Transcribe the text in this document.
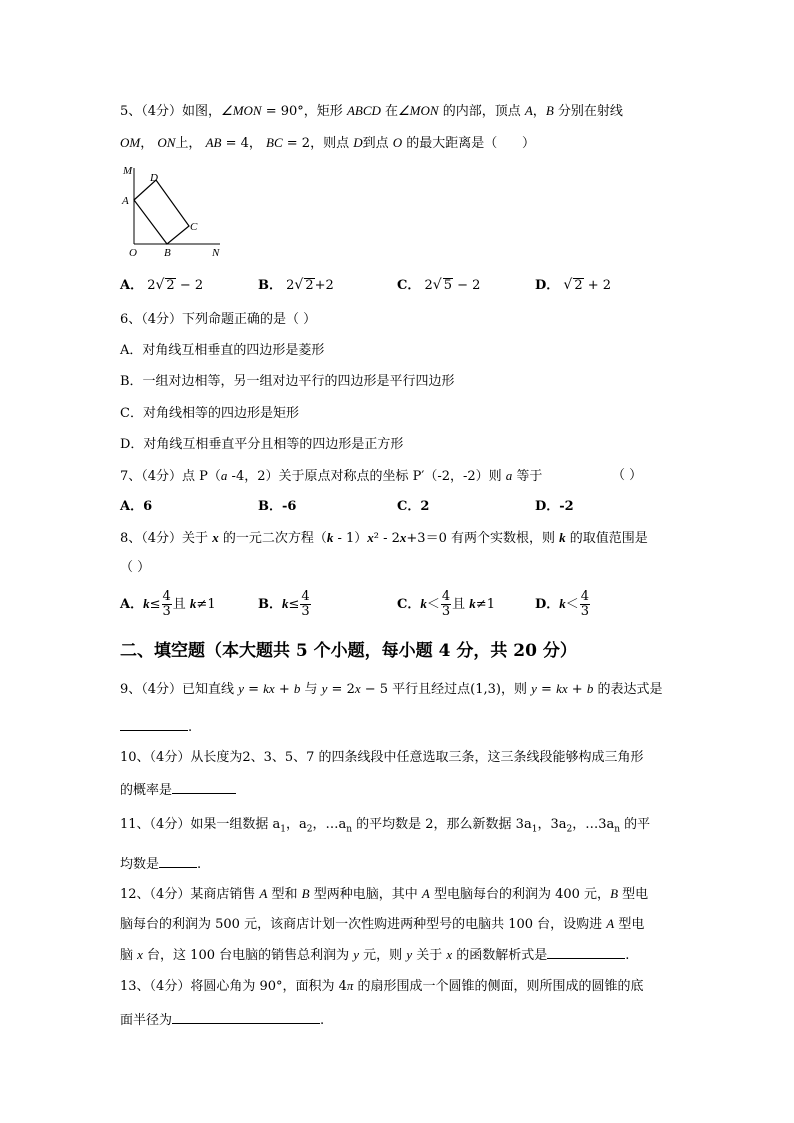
5、（4分）如图，∠MON = 90°，矩形 ABCD 在∠MON 的内部，顶点 A，B 分别在射线
OM， ON上， AB = 4， BC = 2，则点 D到点 O 的最大距离是（      ）
M
D
A
C
O B	N
A． 2√ 2 − 2	B． 2√ 2+2	C． 2√ 5 − 2	D． √ 2 + 2
6、（4分）下列命题正确的是（ ）
A．对角线互相垂直的四边形是菱形
B．一组对边相等，另一组对边平行的四边形是平行四边形
C．对角线相等的四边形是矩形
D．对角线互相垂直平分且相等的四边形是正方形
7、（4分）点 P（a -4，2）关于原点对称点的坐标 P′（-2，-2）则 a 等于	（ ）
A．6	B．-6	C．2	D．-2
8、（4分）关于 x 的一元二次方程（k - 1）x² - 2x+3＝0 有两个实数根，则 k 的取值范围是
（ ）
A．$k\le \frac{4}{3}$ 且 k≠1	B．$k\le \frac{4}{3}$	C．$k< \frac{4}{3}$ 且 k≠1	D．$k< \frac{4}{3}$
二、填空题（本大题共 5 个小题，每小题 4 分，共 20 分）
9、（4分）已知直线 y = kx + b 与 y = 2x − 5 平行且经过点(1,3)，则 y = kx + b 的表达式是
.
10、（4分）从长度为2、3、5、7 的四条线段中任意选取三条，这三条线段能够构成三角形
的概率是
11、（4分）如果一组数据 $a_1$，$a_2$，$\dots a_n$ 的平均数是 2，那么新数据 $3a_1$，$3a_2$，$\dots 3a_n$ 的平
均数是	.
12、（4分）某商店销售 A 型和 B 型两种电脑，其中 A 型电脑每台的利润为 400 元，B 型电
脑每台的利润为 500 元，该商店计划一次性购进两种型号的电脑共 100 台，设购进 A 型电
脑 x 台，这 100 台电脑的销售总利润为 y 元，则 y 关于 x 的函数解析式是	.
13、（4分）将圆心角为 90°，面积为 4π 的扇形围成一个圆锥的侧面，则所围成的圆锥的底
面半径为	.
